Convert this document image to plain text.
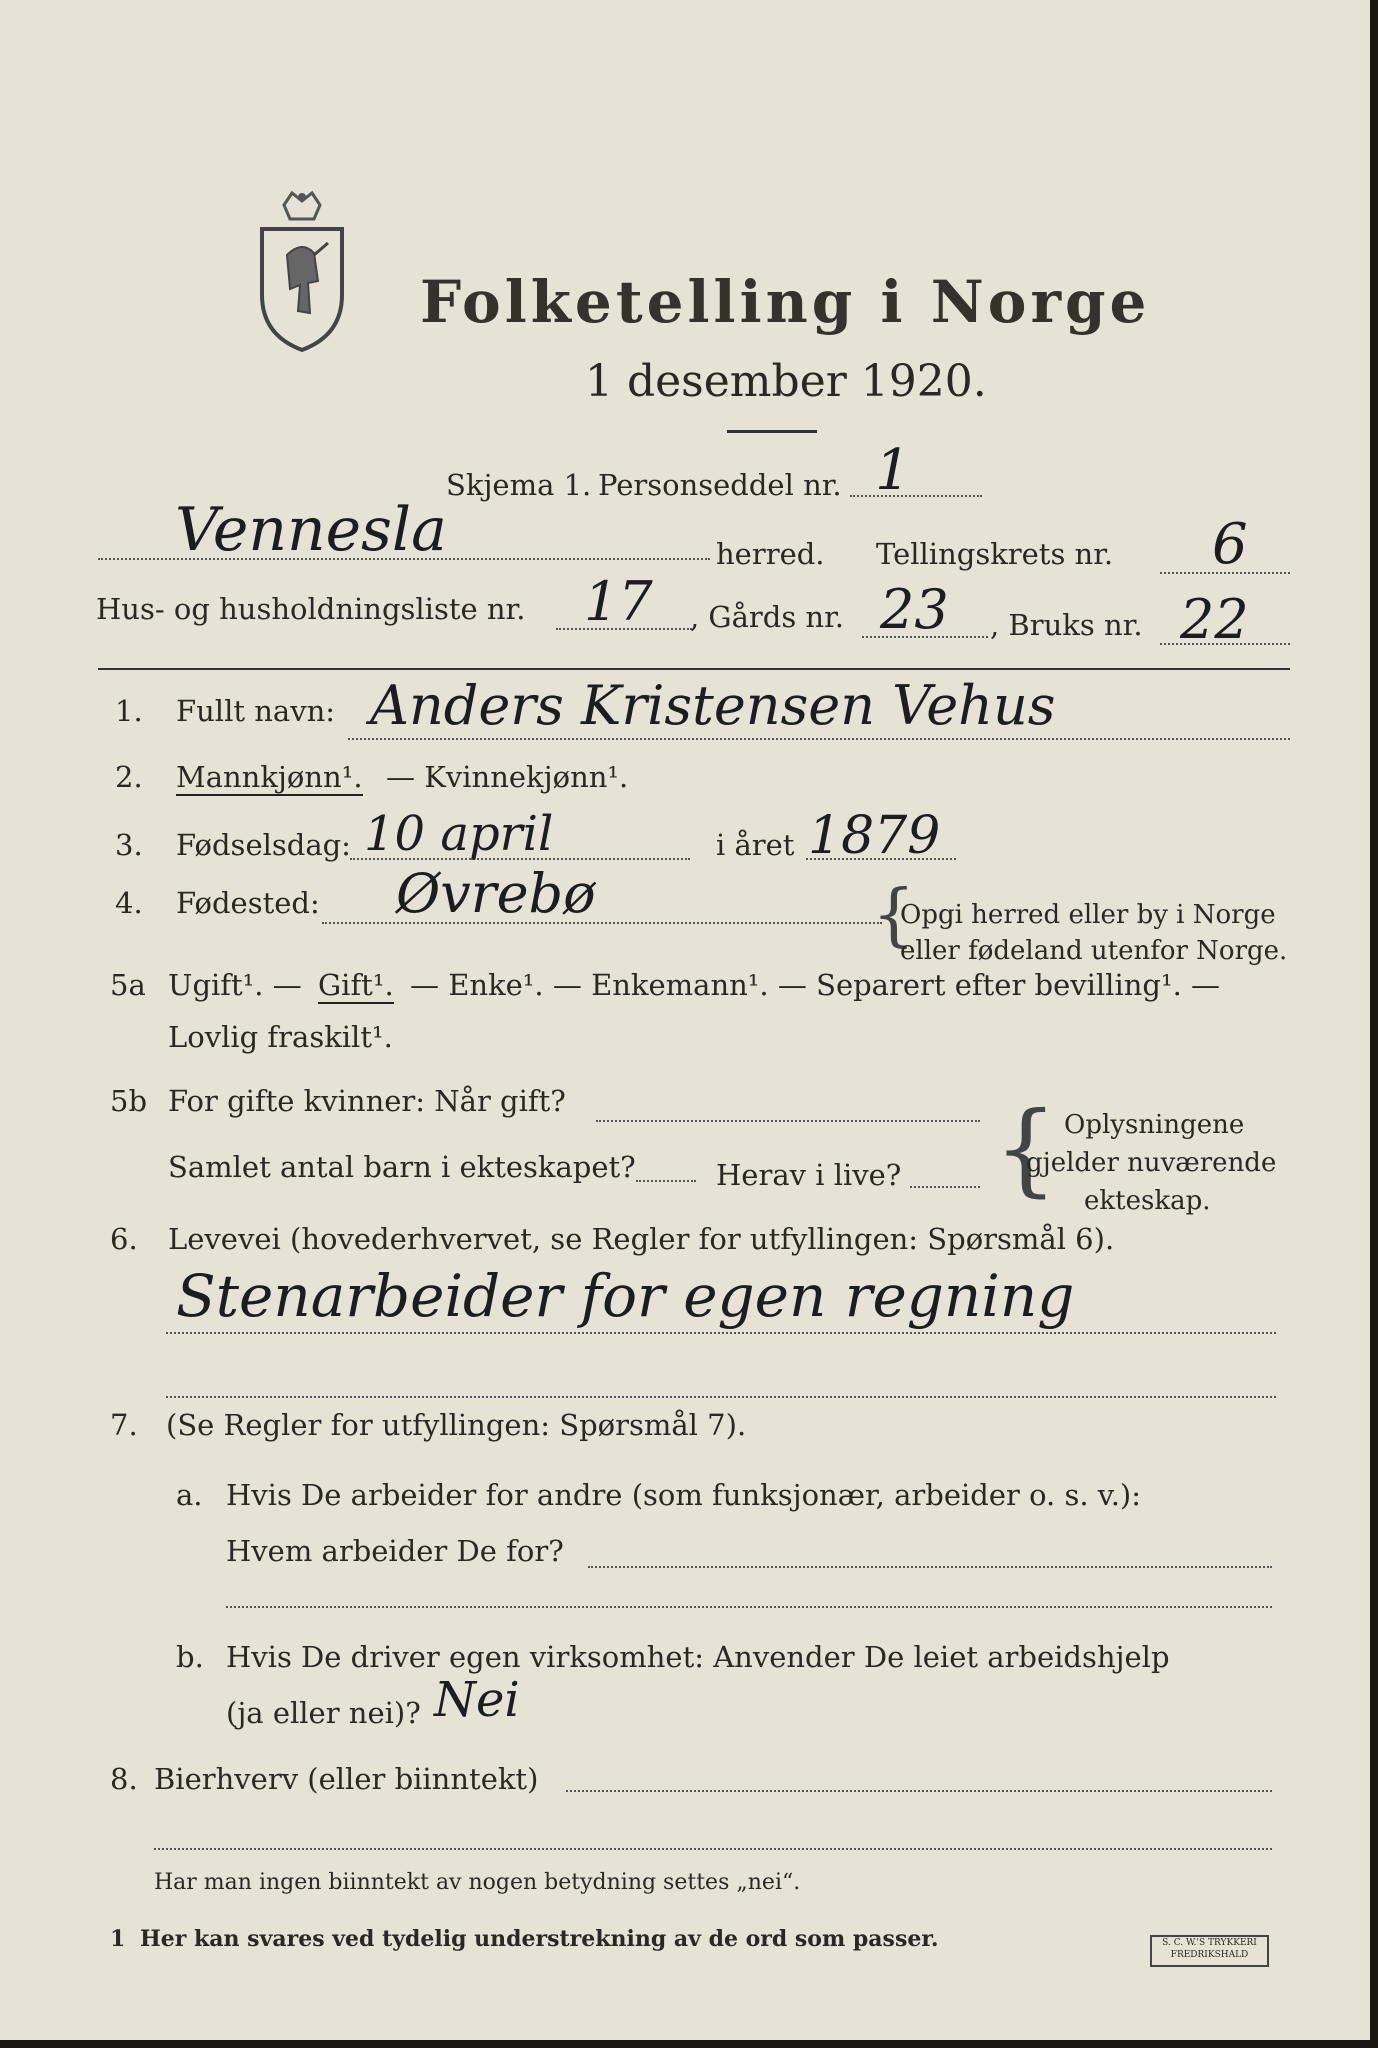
Folketelling i Norge
1 desember 1920.
Skjema 1. Personseddel nr. 1
Vennesla	herred. Tellingskrets nr. 6
Hus- og husholdningsliste nr. 17 , Gårds nr. 23 , Bruks nr. 22
1. Fullt navn: Anders Kristensen Vehus
2. Mannkjønn¹. — Kvinnekjønn¹.
3. Fødselsdag: 10 april	i året 1879
4. Fødested: Øvrebø	{
Opgi herred eller by i Norge
eller fødeland utenfor Norge.
5a Ugift¹. — Gift¹. — Enke¹. — Enkemann¹. — Separert efter bevilling¹. —
Lovlig fraskilt¹.
5b For gifte kvinner: Når gift?
Samlet antal barn i ekteskapet?	Herav i live? { Oplysningene
gjelder nuværende
ekteskap.
6. Levevei (hovederhvervet, se Regler for utfyllingen: Spørsmål 6).
Stenarbeider for egen regning
7. (Se Regler for utfyllingen: Spørsmål 7).
a. Hvis De arbeider for andre (som funksjonær, arbeider o. s. v.):
Hvem arbeider De for?
b. Hvis De driver egen virksomhet: Anvender De leiet arbeidshjelp
(ja eller nei)? Nei
8. Bierhverv (eller biinntekt)
Har man ingen biinntekt av nogen betydning settes „nei“.
1 Her kan svares ved tydelig understrekning av de ord som passer.	S. C. W.'S TRYKKERI FREDRIKSHALD
